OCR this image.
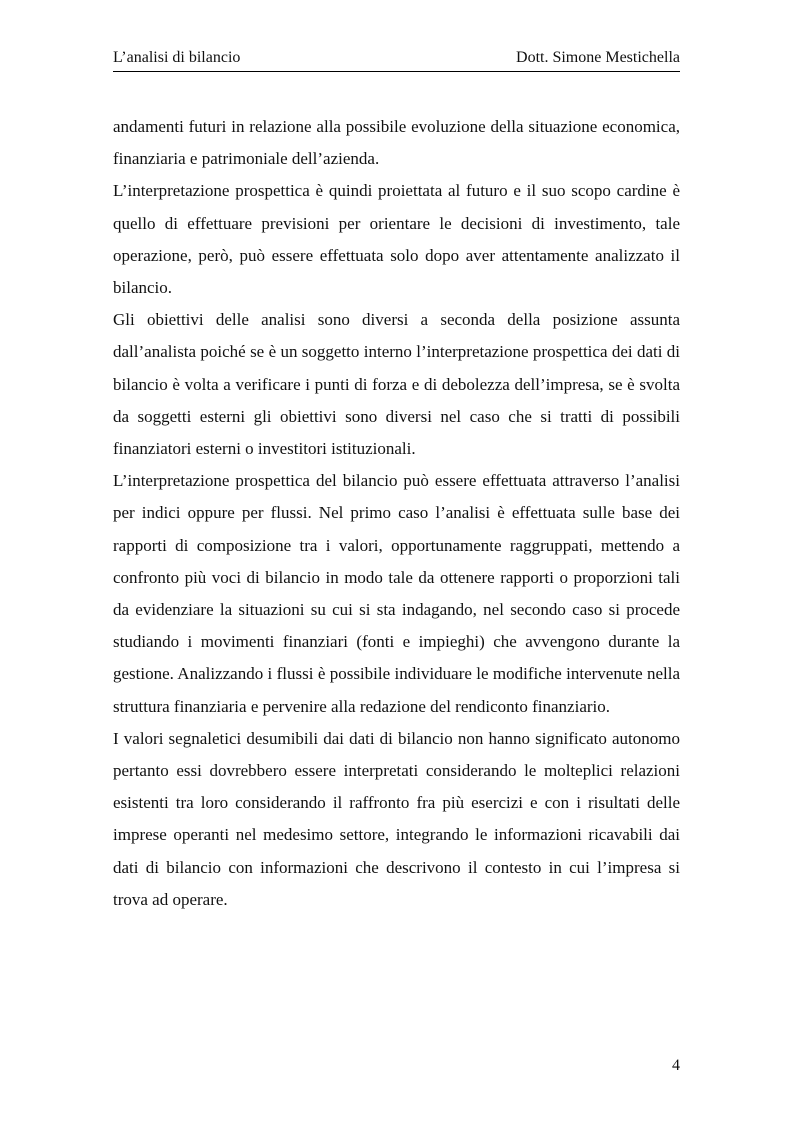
L’analisi di bilancio	Dott. Simone Mestichella

andamenti futuri in relazione alla possibile evoluzione della situazione economica, finanziaria e patrimoniale dell’azienda.

L’interpretazione prospettica è quindi proiettata al futuro e il suo scopo cardine è quello di effettuare previsioni per orientare le decisioni di investimento, tale operazione, però, può essere effettuata solo dopo aver attentamente analizzato il bilancio.

Gli obiettivi delle analisi sono diversi a seconda della posizione assunta dall’analista poiché se è un soggetto interno l’interpretazione prospettica dei dati di bilancio è volta a verificare i punti di forza e di debolezza dell’impresa, se è svolta da soggetti esterni gli obiettivi sono diversi nel caso che si tratti di possibili finanziatori esterni o investitori istituzionali.

L’interpretazione prospettica del bilancio può essere effettuata attraverso l’analisi per indici oppure per flussi. Nel primo caso l’analisi è effettuata sulle base dei rapporti di composizione tra i valori, opportunamente raggruppati, mettendo a confronto più voci di bilancio in modo tale da ottenere rapporti o proporzioni tali da evidenziare la situazioni su cui si sta indagando, nel secondo caso si procede studiando i movimenti finanziari (fonti e impieghi) che avvengono durante la gestione. Analizzando i flussi è possibile individuare le modifiche intervenute nella struttura finanziaria e pervenire alla redazione del rendiconto finanziario.

I valori segnaletici desumibili dai dati di bilancio non hanno significato autonomo pertanto essi dovrebbero essere interpretati considerando le molteplici relazioni esistenti tra loro considerando il raffronto fra più esercizi e con i risultati delle imprese operanti nel medesimo settore, integrando le informazioni ricavabili dai dati di bilancio con informazioni che descrivono il contesto in cui l’impresa si trova ad operare.

4
